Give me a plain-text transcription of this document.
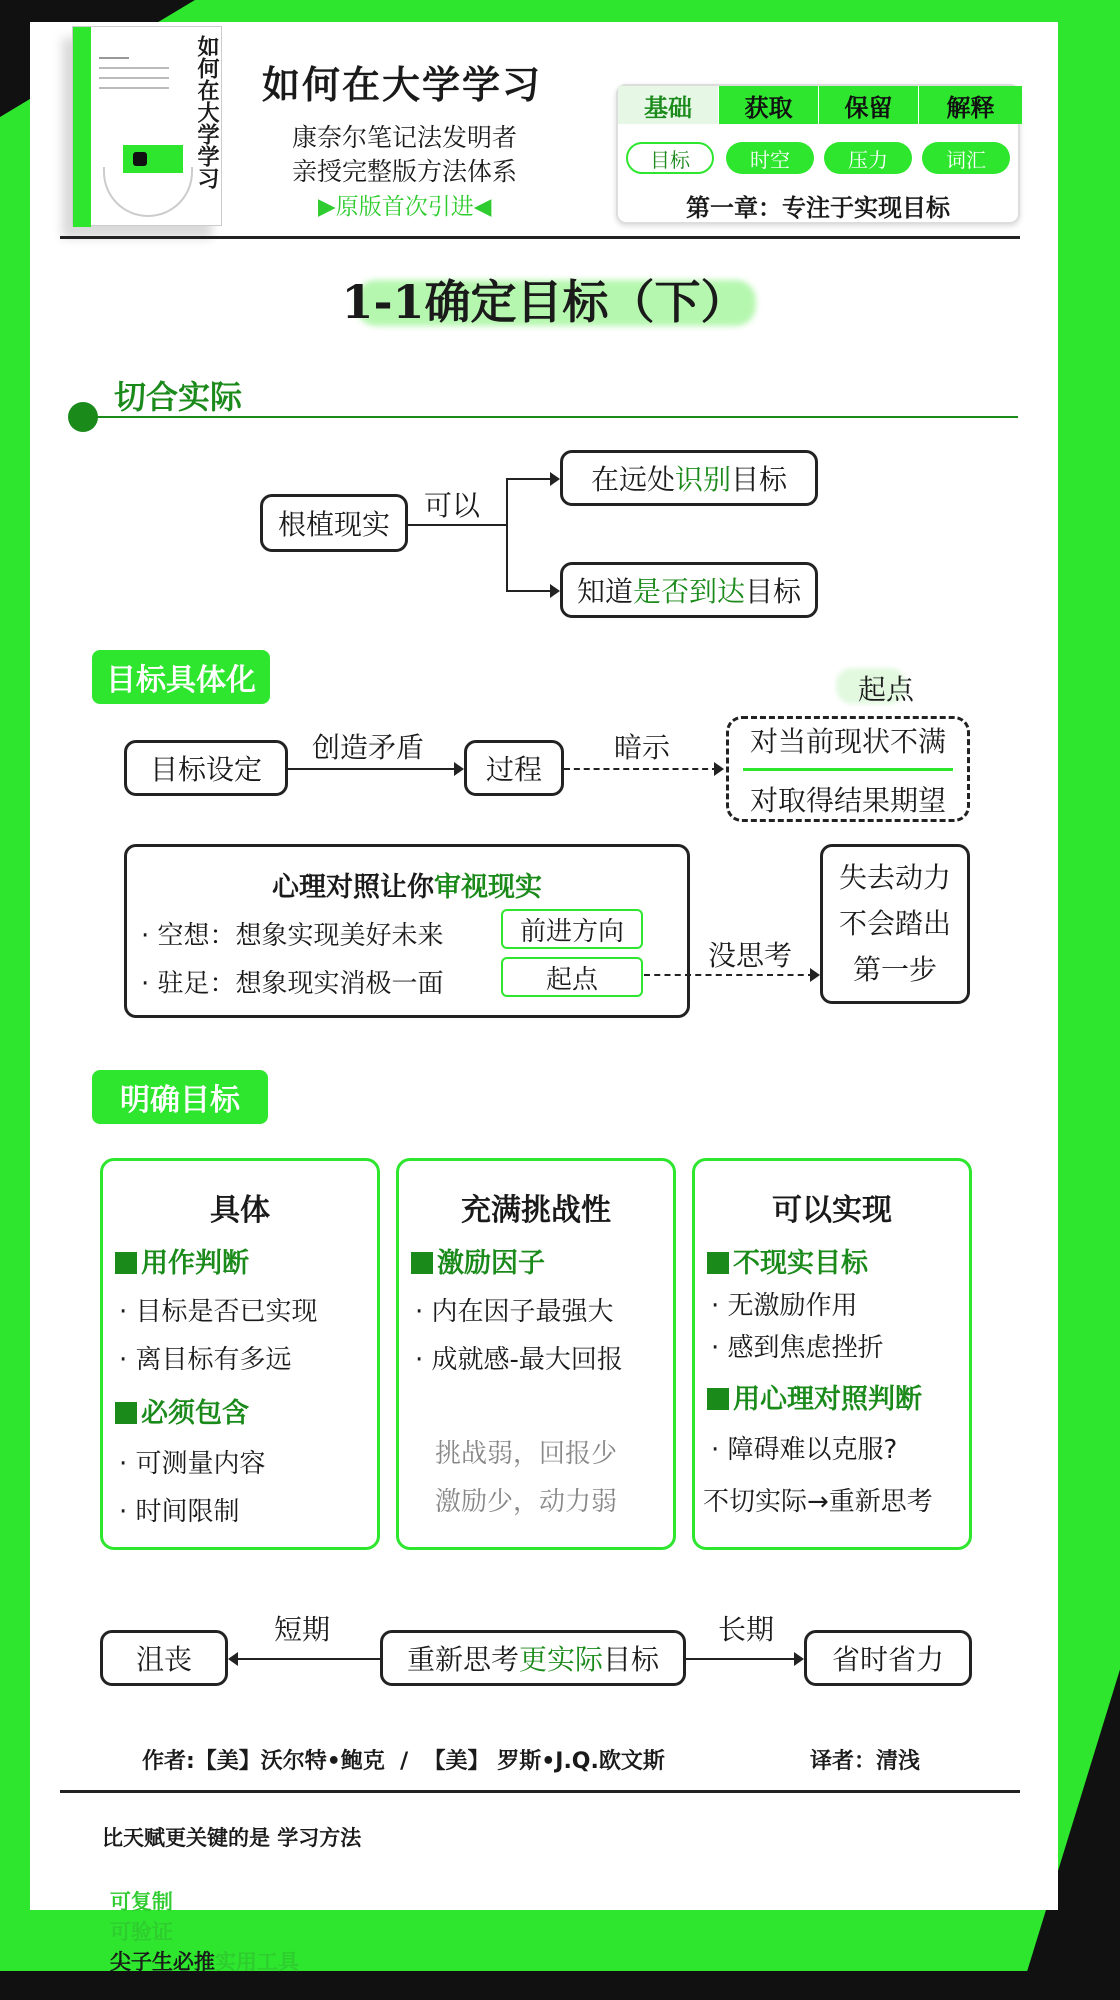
如何在大学学习 如何在大学学习
康奈尔笔记法发明者
亲授完整版方法体系
▶原版首次引进◀
基础 获取 保留 解释
目标	时空	压力	词汇
第一章：专注于实现目标
1-1确定目标（下）
切合实际
根植现实
可以
在远处识别目标
知道是否到达目标
目标具体化	起点
目标设定
创造矛盾
过程
暗示	对当前现状不满
对取得结果期望
心理对照让你审视现实
· 空想：想象实现美好未来	前进方向
· 驻足：想象现实消极一面	起点
没思考
失去动力
不会踏出
第一步
明确目标
具体
用作判断
· 目标是否已实现
· 离目标有多远
必须包含
· 可测量内容
· 时间限制
充满挑战性
激励因子
· 内在因子最强大
· 成就感-最大回报
挑战弱，回报少
激励少，动力弱
可以实现
不现实目标
· 无激励作用
· 感到焦虑挫折
用心理对照判断
· 障碍难以克服?
不切实际→重新思考
沮丧
短期
重新思考更实际目标
长期
省时省力
作者:【美】沃尔特•鲍克  /  【美】 罗斯•J.Q.欧文斯	译者：清浅
比天赋更关键的是 学习方法

可复制
可验证
尖子生必推实用工具
